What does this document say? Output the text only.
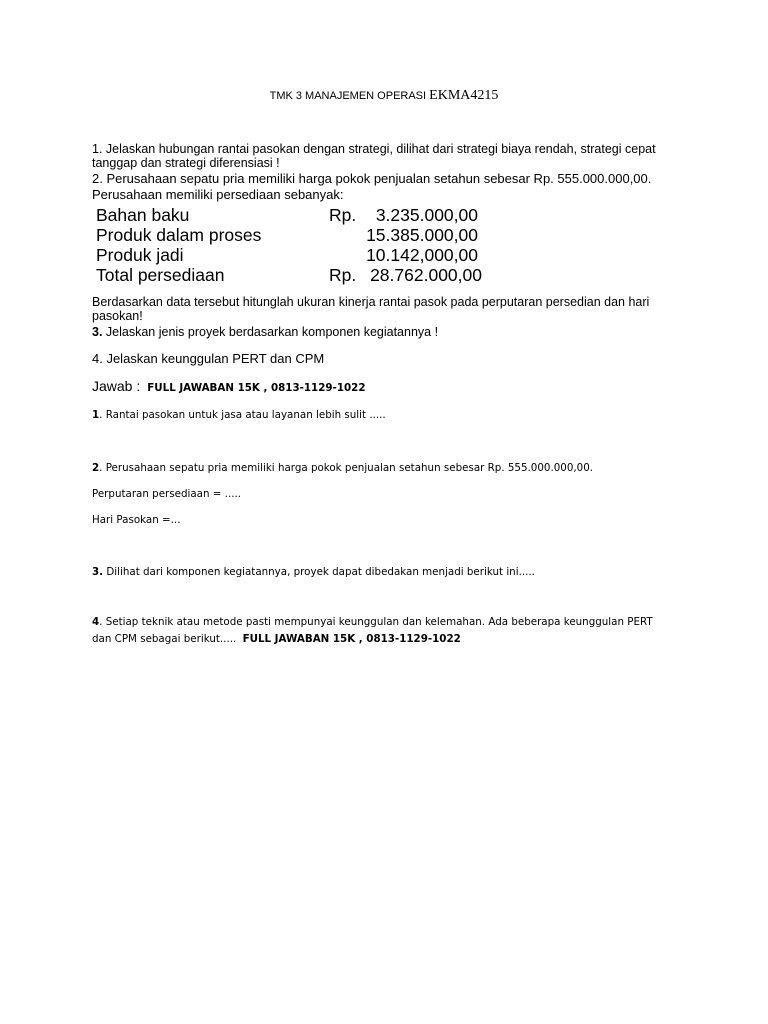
TMK 3 MANAJEMEN OPERASI EKMA4215
1. Jelaskan hubungan rantai pasokan dengan strategi, dilihat dari strategi biaya rendah, strategi cepat
tanggap dan strategi diferensiasi !
2. Perusahaan sepatu pria memiliki harga pokok penjualan setahun sebesar Rp. 555.000.000,00.
Perusahaan memiliki persediaan sebanyak:
Bahan baku	Rp. 3.235.000,00
Produk dalam proses	15.385.000,00
Produk jadi	10.142,000,00
Total persediaan	Rp. 28.762.000,00
Berdasarkan data tersebut hitunglah ukuran kinerja rantai pasok pada perputaran persedian dan hari
pasokan!
3. Jelaskan jenis proyek berdasarkan komponen kegiatannya !
4. Jelaskan keunggulan PERT dan CPM
Jawab : FULL JAWABAN 15K , 0813-1129-1022
1. Rantai pasokan untuk jasa atau layanan lebih sulit .....
2. Perusahaan sepatu pria memiliki harga pokok penjualan setahun sebesar Rp. 555.000.000,00.
Perputaran persediaan = .....
Hari Pasokan =...
3. Dilihat dari komponen kegiatannya, proyek dapat dibedakan menjadi berikut ini.....
4. Setiap teknik atau metode pasti mempunyai keunggulan dan kelemahan. Ada beberapa keunggulan PERT
dan CPM sebagai berikut..... FULL JAWABAN 15K , 0813-1129-1022
